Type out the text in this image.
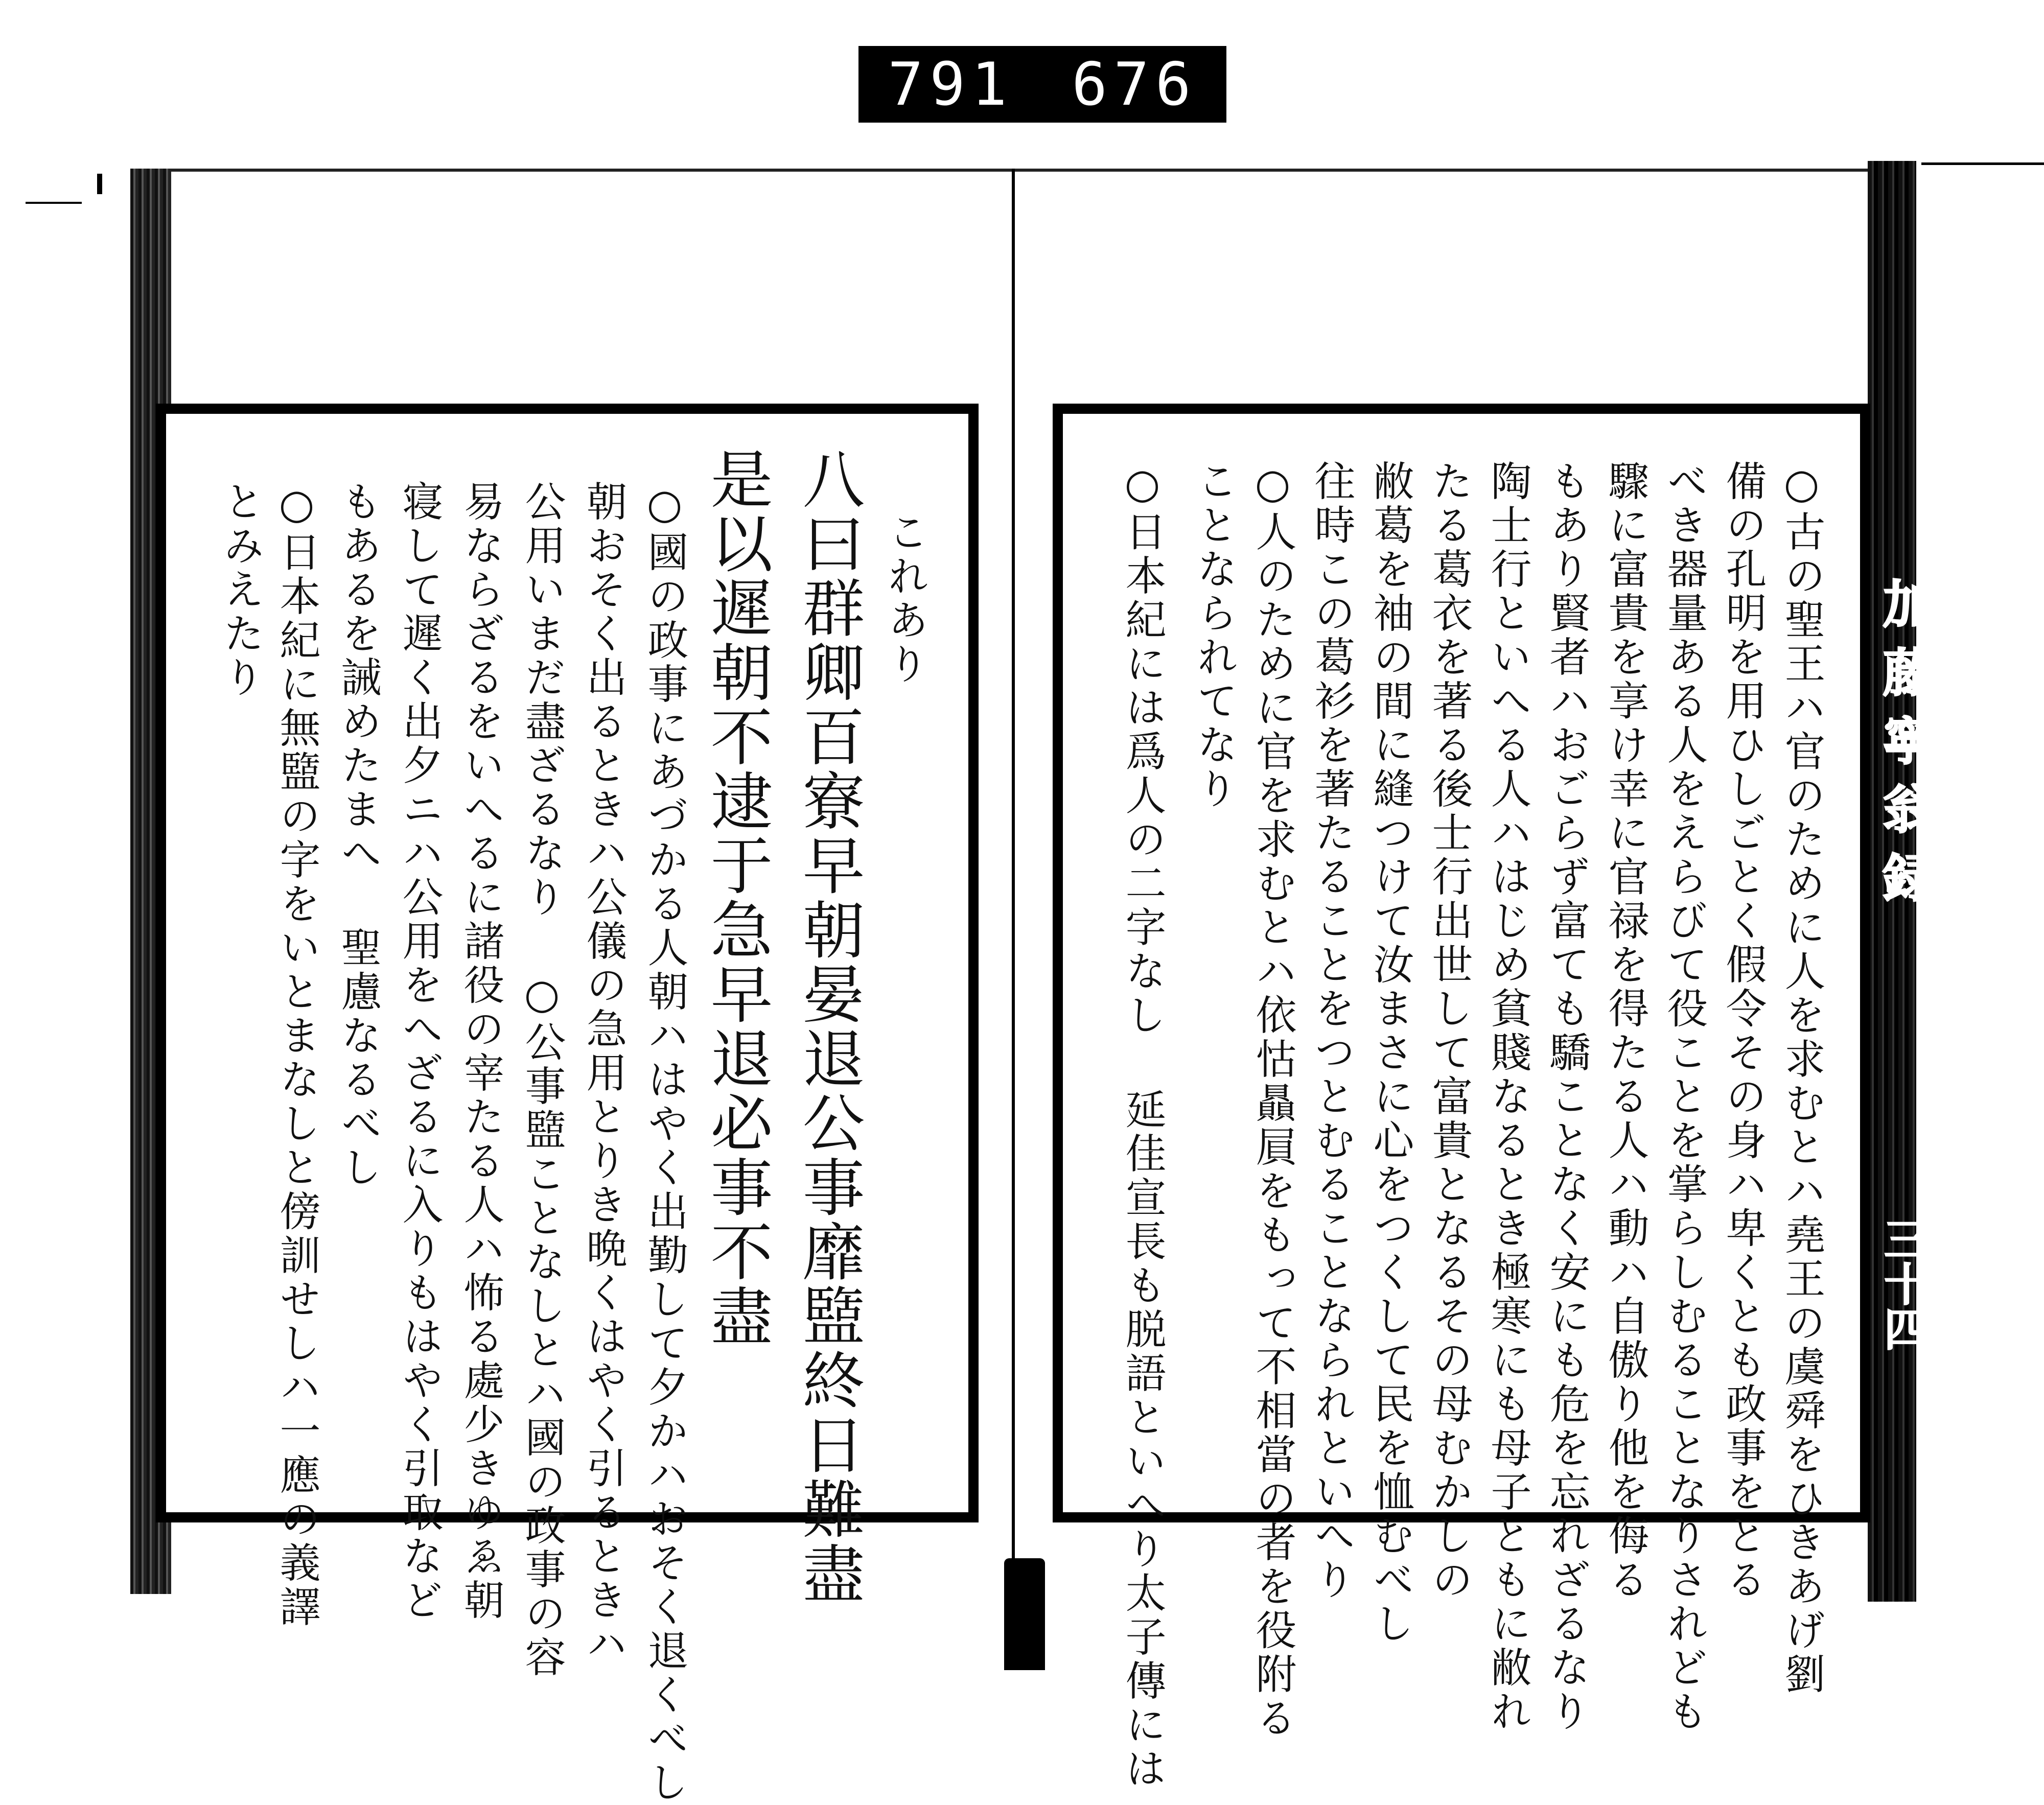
791 676
これあり
八曰群卿百寮早朝晏退公事靡盬終日難盡
是以遲朝不逮于急早退必事不盡
○國の政事にあづかる人朝ハはやく出勤して夕かハおそく退くべし
朝おそく出るときハ公儀の急用とりき晩くはやく引るときハ
公用いまだ盡ざるなり ○公事盬ことなしとハ國の政事の容
易ならざるをいへるに諸役の宰たる人ハ怖る處少きゆゑ朝
寝して遲く出夕ニハ公用をへざるに入りもはやく引取など
もあるを誡めたまへ 聖慮なるべし
○日本紀に無盬の字をいとまなしと傍訓せしハ一應の義譯
とみえたり	○古の聖王ハ官のために人を求むとハ堯王の虞舜をひきあげ劉
備の孔明を用ひしごとく假令その身ハ卑くとも政事をとる
べき器量ある人をえらびて役ことを掌らしむることなりされども
驟に富貴を享け幸に官禄を得たる人ハ動ハ自傲り他を侮る
もあり賢者ハおごらず富ても驕ことなく安にも危を忘れざるなり
陶士行といへる人ハはじめ貧賤なるとき極寒にも母子ともに敝れ
たる葛衣を著る後士行出世して富貴となるその母むかしの
敝葛を袖の間に縫つけて汝まさに心をつくして民を恤むべし
往時この葛衫を著たることをつとむることなられといへり
○人のために官を求むとハ依怙贔屓をもって不相當の者を役附る
ことなられてなり
○日本紀には爲人の二字なし 延佳宣長も脱語といへり太子傳には	加藤寧翁録
三十四
